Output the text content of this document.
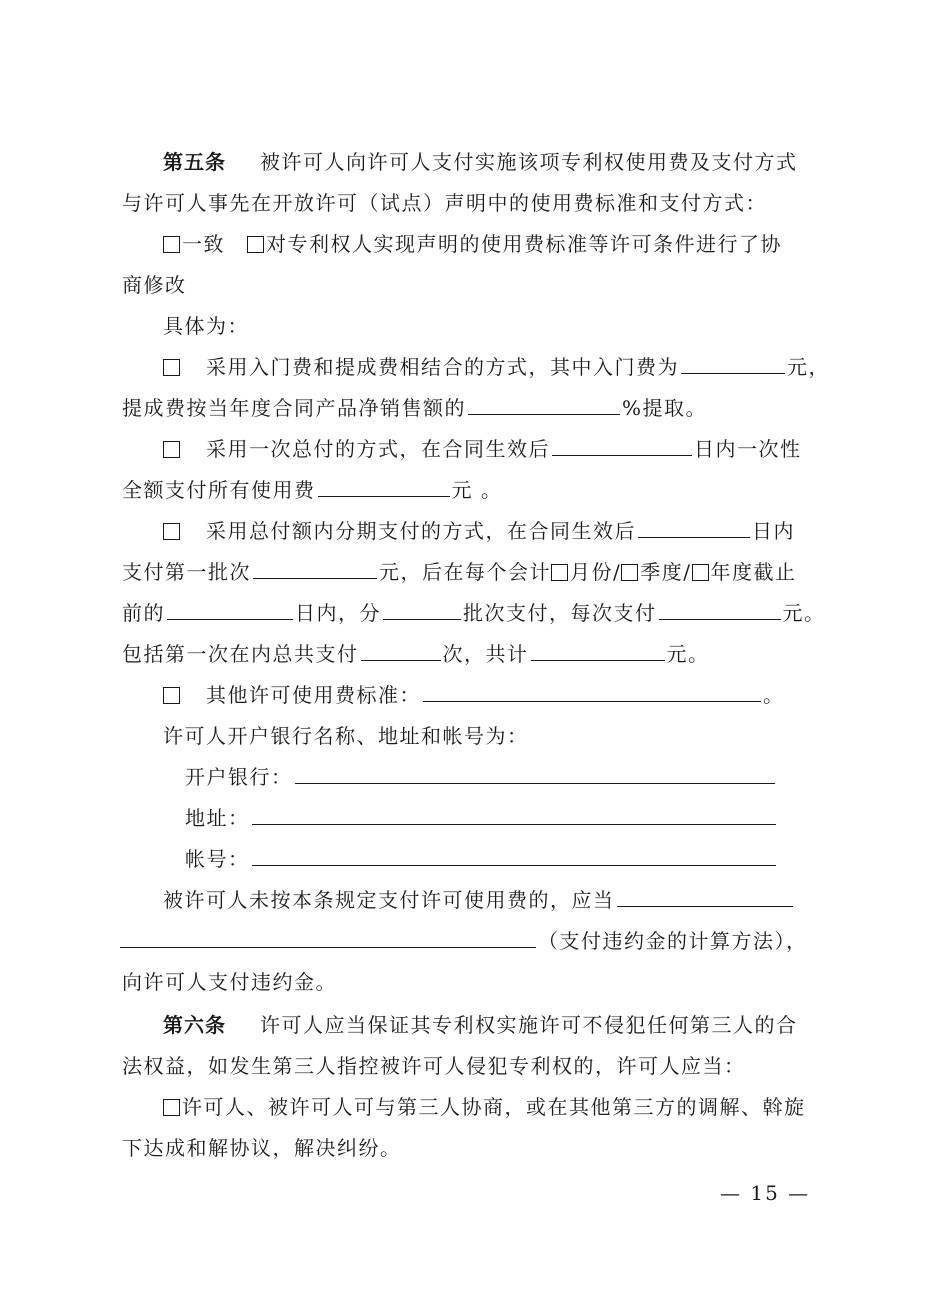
第五条 被许可人向许可人支付实施该项专利权使用费及支付方式
与许可人事先在开放许可（试点）声明中的使用费标准和支付方式：
一致 对专利权人实现声明的使用费标准等许可条件进行了协
商修改
具体为：
采用入门费和提成费相结合的方式，其中入门费为	元，
提成费按当年度合同产品净销售额的	%提取。
采用一次总付的方式，在合同生效后	日内一次性
全额支付所有使用费	元 。
采用总付额内分期支付的方式，在合同生效后	日内
支付第一批次	元，后在每个会计 月份/ 季度/ 年度截止
前的	日内，分	批次支付，每次支付	元。
包括第一次在内总共支付	次，共计	元。
其他许可使用费标准：	。
许可人开户银行名称、地址和帐号为：
开户银行：
地址：
帐号：
被许可人未按本条规定支付许可使用费的，应当
（支付违约金的计算方法），
向许可人支付违约金。
第六条 许可人应当保证其专利权实施许可不侵犯任何第三人的合
法权益，如发生第三人指控被许可人侵犯专利权的，许可人应当：
许可人、被许可人可与第三人协商，或在其他第三方的调解、斡旋
下达成和解协议，解决纠纷。
— 15 —
